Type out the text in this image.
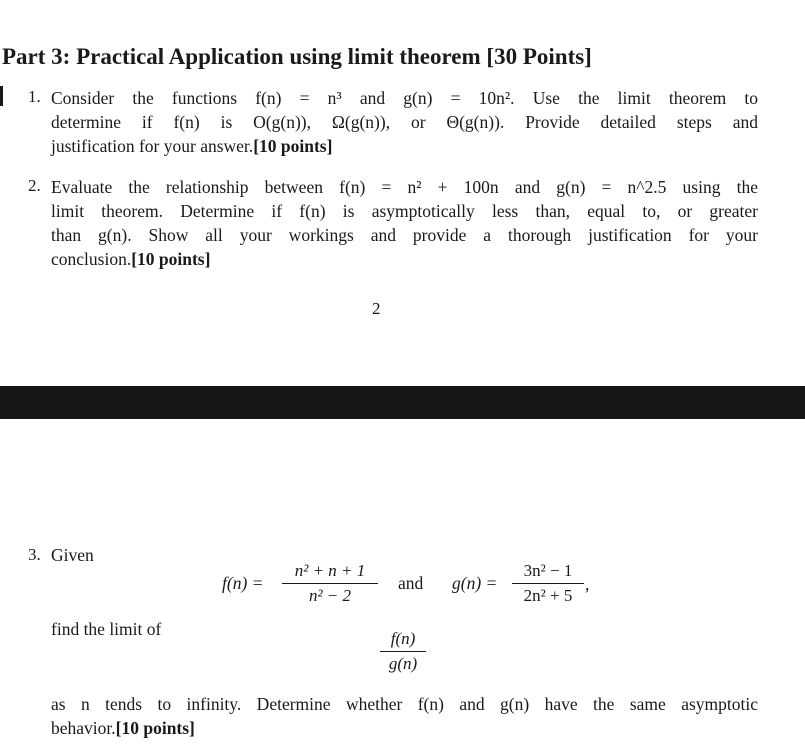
Part 3: Practical Application using limit theorem [30 Points]
1. Consider the functions f(n) = n³ and g(n) = 10n². Use the limit theorem to
determine if f(n) is O(g(n)), Ω(g(n)), or Θ(g(n)). Provide detailed steps and
justification for your answer.[10 points]
2. Evaluate the relationship between f(n) = n² + 100n and g(n) = n^2.5 using the
limit theorem. Determine if f(n) is asymptotically less than, equal to, or greater
than g(n). Show all your workings and provide a thorough justification for your
conclusion.[10 points]
2
3. Given
f(n) =
n² + n + 1
n² − 2
and g(n) =
3n² − 1
2n² + 5
,
find the limit of	f(n)
g(n)
as n tends to infinity. Determine whether f(n) and g(n) have the same asymptotic
behavior.[10 points]
